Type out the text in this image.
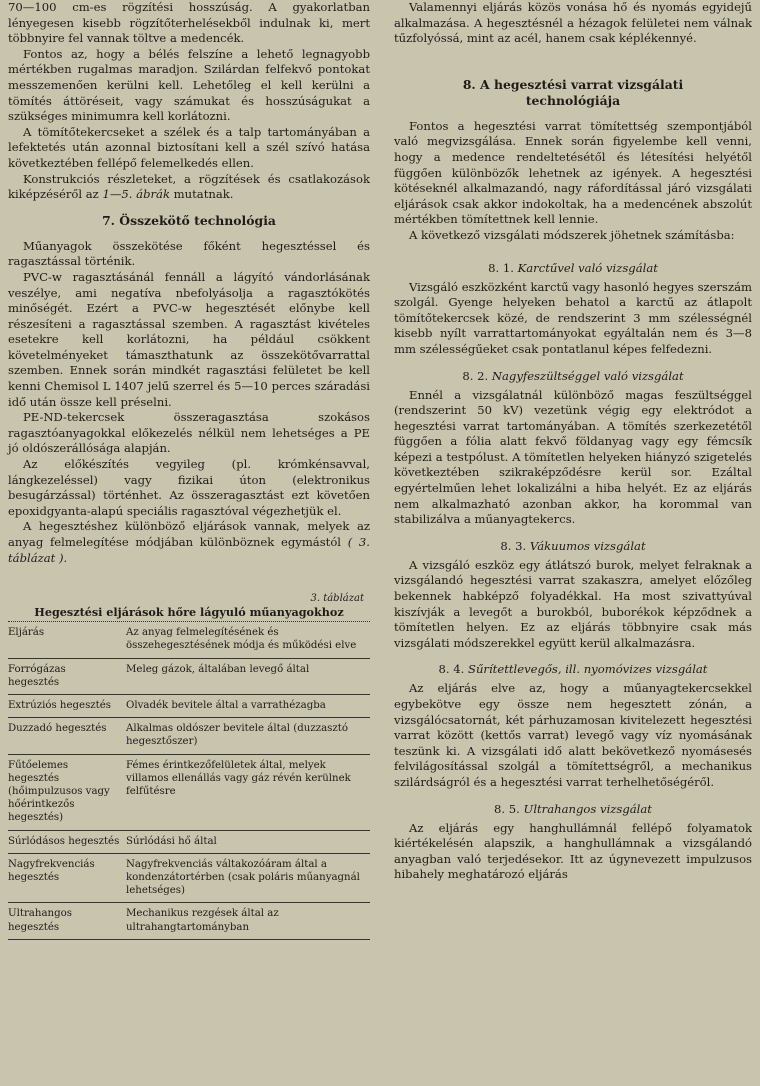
70—100 cm-es rögzítési hosszúság. A gyakorlatban lényegesen kisebb rögzítőterhelésekből indulnak ki, mert többnyire fel vannak töltve a medencék.

Fontos az, hogy a bélés felszíne a lehető legnagyobb mértékben rugalmas maradjon. Szilárdan felfekvő pontokat messzemenően kerülni kell. Lehetőleg el kell kerülni a tömítés áttöréseit, vagy számukat és hosszúságukat a szükséges minimumra kell korlátozni.

A tömítőtekercseket a szélek és a talp tartományában a lefektetés után azonnal biztosítani kell a szél szívó hatása következtében fellépő felemelkedés ellen.

Konstrukciós részleteket, a rögzítések és csatlakozások kiképzéséről az 1—5. ábrák mutatnak.

7. Összekötő technológia

Műanyagok összekötése főként hegesztéssel és ragasztással történik.

PVC-w ragasztásánál fennáll a lágyító vándorlásának veszélye, ami negatíva nbefolyásolja a ragasztókötés minőségét. Ezért a PVC-w hegesztését előnybe kell részesíteni a ragasztással szemben. A ragasztást kivételes esetekre kell korlátozni, ha például csökkent követelményeket támaszthatunk az összekötővarrattal szemben. Ennek során mindkét ragasztási felületet be kell kenni Chemisol L 1407 jelű szerrel és 5—10 perces száradási idő után össze kell préselni.

PE-ND-tekercsek összeragasztása szokásos ragasztóanyagokkal előkezelés nélkül nem lehetséges a PE jó oldószerállósága alapján.

Az előkészítés vegyileg (pl. krómkénsavval, lángkezeléssel) vagy fizikai úton (elektronikus besugárzással) történhet. Az összeragasztást ezt követően epoxidgyanta-alapú speciális ragasztóval végezhetjük el.

A hegesztéshez különböző eljárások vannak, melyek az anyag felmelegítése módjában különböznek egymástól ( 3. táblázat ).

3. táblázat
Hegesztési eljárások hőre lágyuló műanyagokhoz
Eljárás	Az anyag felmelegítésének és összehegesztésének módja és működési elve
Forrógázas hegesztés	Meleg gázok, általában levegő által
Extrúziós hegesztés	Olvadék bevitele által a varrathézagba
Duzzadó hegesztés	Alkalmas oldószer bevitele által (duzzasztó hegesztőszer)
Fűtőelemes hegesztés (hőimpulzusos vagy hőérintkezős hegesztés)	Fémes érintkezőfelületek által, melyek villamos ellenállás vagy gáz révén kerülnek felfűtésre
Súrlódásos hegesztés	Súrlódási hő által
Nagyfrekvenciás hegesztés	Nagyfrekvenciás váltakozóáram által a kondenzátortérben (csak poláris műanyagnál lehetséges)
Ultrahangos hegesztés	Mechanikus rezgések által az ultrahangtartományban

Valamennyi eljárás közös vonása hő és nyomás egyidejű alkalmazása. A hegesztésnél a hézagok felületei nem válnak tűzfolyóssá, mint az acél, hanem csak képlékennyé.

8. A hegesztési varrat vizsgálati
technológiája

Fontos a hegesztési varrat tömítettség szempontjából való megvizsgálása. Ennek során figyelembe kell venni, hogy a medence rendeltetésétől és létesítési helyétől függően különbözők lehetnek az igények. A hegesztési kötéseknél alkalmazandó, nagy ráfordítással járó vizsgálati eljárások csak akkor indokoltak, ha a medencének abszolút mértékben tömítettnek kell lennie.

A következő vizsgálati módszerek jöhetnek számításba:

8. 1. Karctűvel való vizsgálat

Vizsgáló eszközként karctű vagy hasonló hegyes szerszám szolgál. Gyenge helyeken behatol a karctű az átlapolt tömítőtekercsek közé, de rendszerint 3 mm szélességnél kisebb nyílt varrattartományokat egyáltalán nem és 3—8 mm szélességűeket csak pontatlanul képes felfedezni.

8. 2. Nagyfeszültséggel való vizsgálat

Ennél a vizsgálatnál különböző magas feszültséggel (rendszerint 50 kV) vezetünk végig egy elektródot a hegesztési varrat tartományában. A tömítés szerkezetétől függően a fólia alatt fekvő földanyag vagy egy fémcsík képezi a testpólust. A tömítetlen helyeken hiányzó szigetelés következtében szikraképződésre kerül sor. Ezáltal egyértelműen lehet lokalizálni a hiba helyét. Ez az eljárás nem alkalmazható azonban akkor, ha korommal van stabilizálva a műanyagtekercs.

8. 3. Vákuumos vizsgálat

A vizsgáló eszköz egy átlátszó burok, melyet felraknak a vizsgálandó hegesztési varrat szakaszra, amelyet előzőleg bekennek habképző folyadékkal. Ha most szivattyúval kiszívják a levegőt a burokból, buborékok képződnek a tömítetlen helyen. Ez az eljárás többnyire csak más vizsgálati módszerekkel együtt kerül alkalmazásra.

8. 4. Sűrítettlevegős, ill. nyomóvizes vizsgálat

Az eljárás elve az, hogy a műanyagtekercsekkel egybekötve egy össze nem hegesztett zónán, a vizsgálócsatornát, két párhuzamosan kivitelezett hegesztési varrat között (kettős varrat) levegő vagy víz nyomásának teszünk ki. A vizsgálati idő alatt bekövetkező nyomásesés felvilágosítással szolgál a tömítettségről, a mechanikus szilárdságról és a hegesztési varrat terhelhetőségéről.

8. 5. Ultrahangos vizsgálat

Az eljárás egy hanghullámnál fellépő folyamatok kiértékelésén alapszik, a hanghullámnak a vizsgálandó anyagban való terjedésekor. Itt az úgynevezett impulzusos hibahely meghatározó eljárás
